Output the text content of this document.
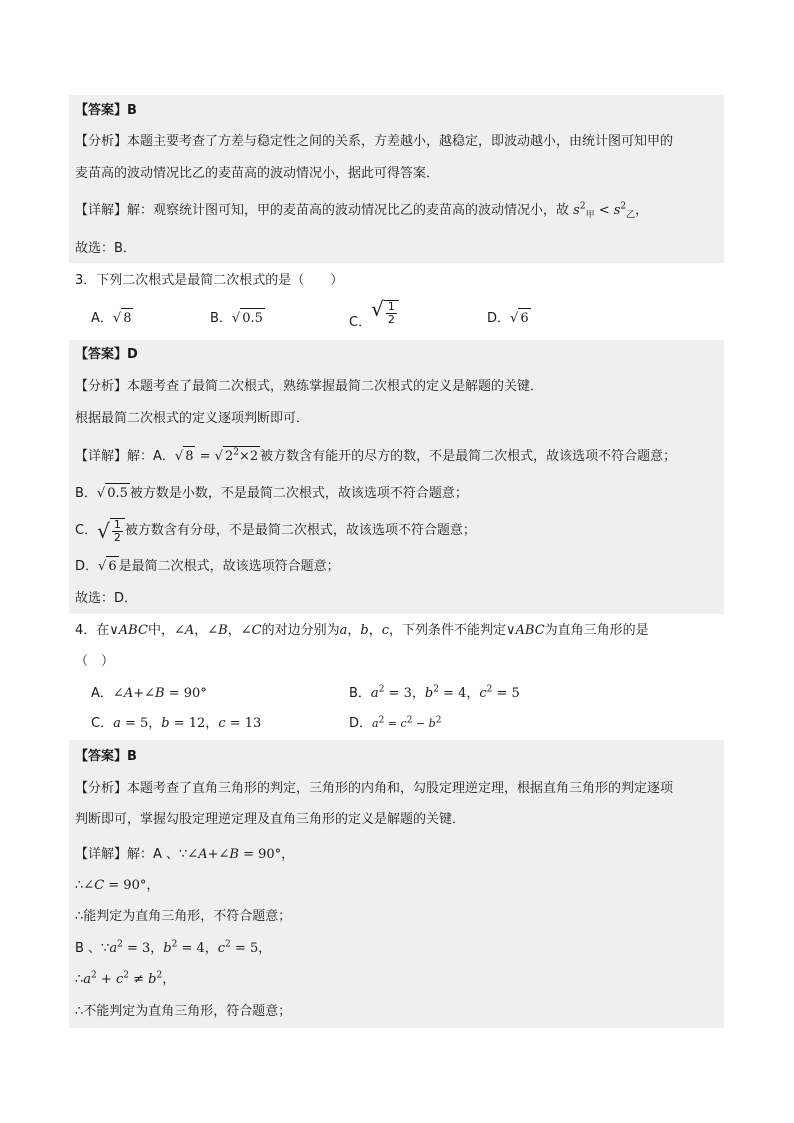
【答案】B
【分析】本题主要考查了方差与稳定性之间的关系，方差越小，越稳定，即波动越小，由统计图可知甲的
麦苗高的波动情况比乙的麦苗高的波动情况小，据此可得答案．
【详解】解：观察统计图可知，甲的麦苗高的波动情况比乙的麦苗高的波动情况小，故 $s^2_甲 < s^2_乙$，
故选：B．
3．下列二次根式是最简二次根式的是（　　）
A．√ 8	B．√ 0.5	C．√ $\frac{1}{2}$	D．√ 6
【答案】D
【分析】本题考查了最简二次根式，熟练掌握最简二次根式的定义是解题的关键．
根据最简二次根式的定义逐项判断即可．
【详解】解：A．√ 8 = √ $2^2\times 2$ 被方数含有能开的尽方的数，不是最简二次根式，故该选项不符合题意；
B．√ 0.5 被方数是小数，不是最简二次根式，故该选项不符合题意；
C． √ $\frac{1}{2}$ 被方数含有分母，不是最简二次根式，故该选项不符合题意；
D．√ 6 是最简二次根式，故该选项符合题意；
故选：D．
4．在∨ABC中，∠A，∠B，∠C的对边分别为a，b，c，下列条件不能判定∨ABC为直角三角形的是
（　）
A．∠A+∠B = 90°	B．$a^2 = 3$，$b^2 = 4$，$c^2 = 5$
C．a = 5，b = 12，c = 13	D．$a^2 = c^2 - b^2$
【答案】B
【分析】本题考查了直角三角形的判定，三角形的内角和，勾股定理逆定理，根据直角三角形的判定逐项
判断即可，掌握勾股定理逆定理及直角三角形的定义是解题的关键．
【详解】解：A 、∵∠A+∠B = 90°，
∴∠C = 90°，
∴能判定为直角三角形，不符合题意；
B 、$\because a^2 = 3$，$b^2 = 4$，$c^2 = 5$，
$\therefore a^2 + c^2 \ne b^2$，
∴不能判定为直角三角形，符合题意；
